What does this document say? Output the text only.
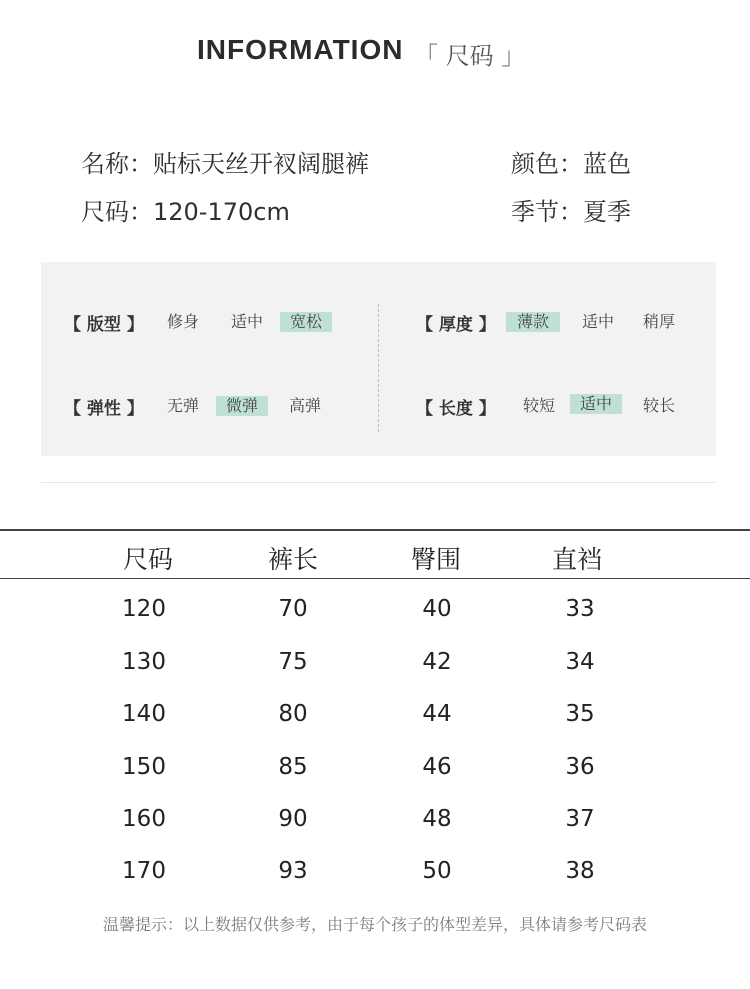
INFORMATION 「 尺码 」
名称：贴标天丝开衩阔腿裤	颜色：蓝色
尺码：120-170cm	季节：夏季
【 版型 】	修身	适中	宽松
【 弹性 】	无弹	微弹	高弹
【 厚度 】	薄款	适中	稍厚
【 长度 】	较短	适中	较长
尺码	裤长	臀围	直裆
120	70	40	33
130	75	42	34
140	80	44	35
150	85	46	36
160	90	48	37
170	93	50	38
温馨提示：以上数据仅供参考，由于每个孩子的体型差异，具体请参考尺码表
